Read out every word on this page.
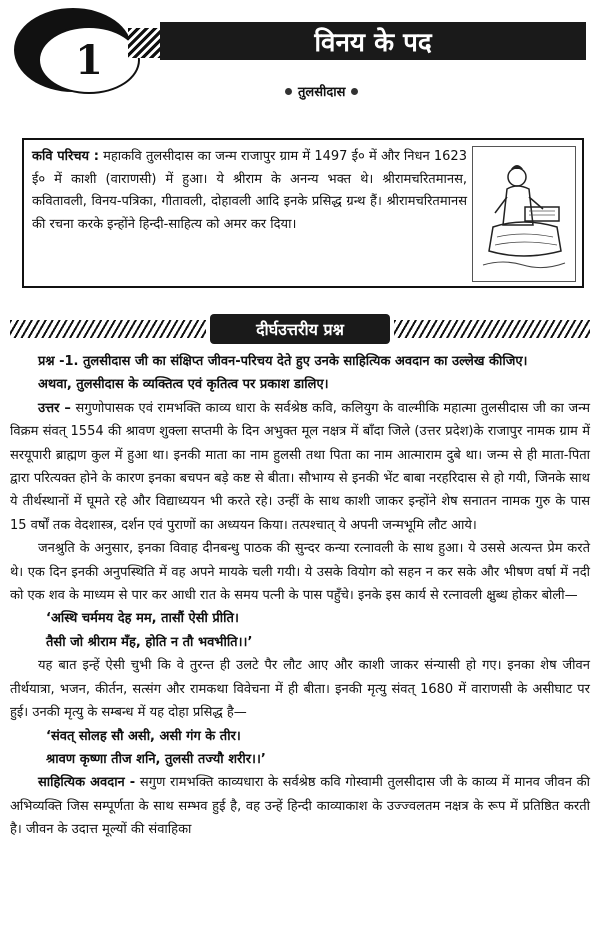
1	विनय के पद
तुलसीदास
कवि परिचय : महाकवि तुलसीदास का जन्म राजापुर ग्राम में 1497 ई० में और निधन 1623 ई० में काशी (वाराणसी) में हुआ। ये श्रीराम के अनन्य भक्त थे। श्रीरामचरितमानस, कवितावली, विनय-पत्रिका, गीतावली, दोहावली आदि इनके प्रसिद्ध ग्रन्थ हैं। श्रीरामचरितमानस की रचना करके इन्होंने हिन्दी-साहित्य को अमर कर दिया।
दीर्घउत्तरीय प्रश्न

प्रश्न -1. तुलसीदास जी का संक्षिप्त जीवन-परिचय देते हुए उनके साहित्यिक अवदान का उल्लेख कीजिए।

अथवा, तुलसीदास के व्यक्तित्व एवं कृतित्व पर प्रकाश डालिए।

उत्तर – सगुणोपासक एवं रामभक्ति काव्य धारा के सर्वश्रेष्ठ कवि, कलियुग के वाल्मीकि महात्मा तुलसीदास जी का जन्म विक्रम संवत् 1554 की श्रावण शुक्ला सप्तमी के दिन अभुक्त मूल नक्षत्र में बाँदा जिले (उत्तर प्रदेश)के राजापुर नामक ग्राम में सरयूपारी ब्राह्मण कुल में हुआ था। इनकी माता का नाम हुलसी तथा पिता का नाम आत्माराम दुबे था। जन्म से ही माता-पिता द्वारा परित्यक्त होने के कारण इनका बचपन बड़े कष्ट से बीता। सौभाग्य से इनकी भेंट बाबा नरहरिदास से हो गयी, जिनके साथ ये तीर्थस्थानों में घूमते रहे और विद्याध्ययन भी करते रहे। उन्हीं के साथ काशी जाकर इन्होंने शेष सनातन नामक गुरु के पास 15 वर्षों तक वेदशास्त्र, दर्शन एवं पुराणों का अध्ययन किया। तत्पश्चात् ये अपनी जन्मभूमि लौट आये।

जनश्रुति के अनुसार, इनका विवाह दीनबन्धु पाठक की सुन्दर कन्या रत्नावली के साथ हुआ। ये उससे अत्यन्त प्रेम करते थे। एक दिन इनकी अनुपस्थिति में वह अपने मायके चली गयी। ये उसके वियोग को सहन न कर सके और भीषण वर्षा में नदी को एक शव के माध्यम से पार कर आधी रात के समय पत्नी के पास पहुँचे। इनके इस कार्य से रत्नावली क्षुब्ध होकर बोली—

‘अस्थि चर्ममय देह मम, तासौं ऐसी प्रीति।

तैसी जो श्रीराम मँह, होति न तौ भवभीति।।’

यह बात इन्हें ऐसी चुभी कि वे तुरन्त ही उलटे पैर लौट आए और काशी जाकर संन्यासी हो गए। इनका शेष जीवन तीर्थयात्रा, भजन, कीर्तन, सत्संग और रामकथा विवेचना में ही बीता। इनकी मृत्यु संवत् 1680 में वाराणसी के असीघाट पर हुई। उनकी मृत्यु के सम्बन्ध में यह दोहा प्रसिद्ध है—

‘संवत् सोलह सौ असी, असी गंग के तीर।

श्रावण कृष्णा तीज शनि, तुलसी तज्यौ शरीर।।’

साहित्यिक अवदान - सगुण रामभक्ति काव्यधारा के सर्वश्रेष्ठ कवि गोस्वामी तुलसीदास जी के काव्य में मानव जीवन की अभिव्यक्ति जिस सम्पूर्णता के साथ सम्भव हुई है, वह उन्हें हिन्दी काव्याकाश के उज्ज्वलतम नक्षत्र के रूप में प्रतिष्ठित करती है। जीवन के उदात्त मूल्यों की संवाहिका
